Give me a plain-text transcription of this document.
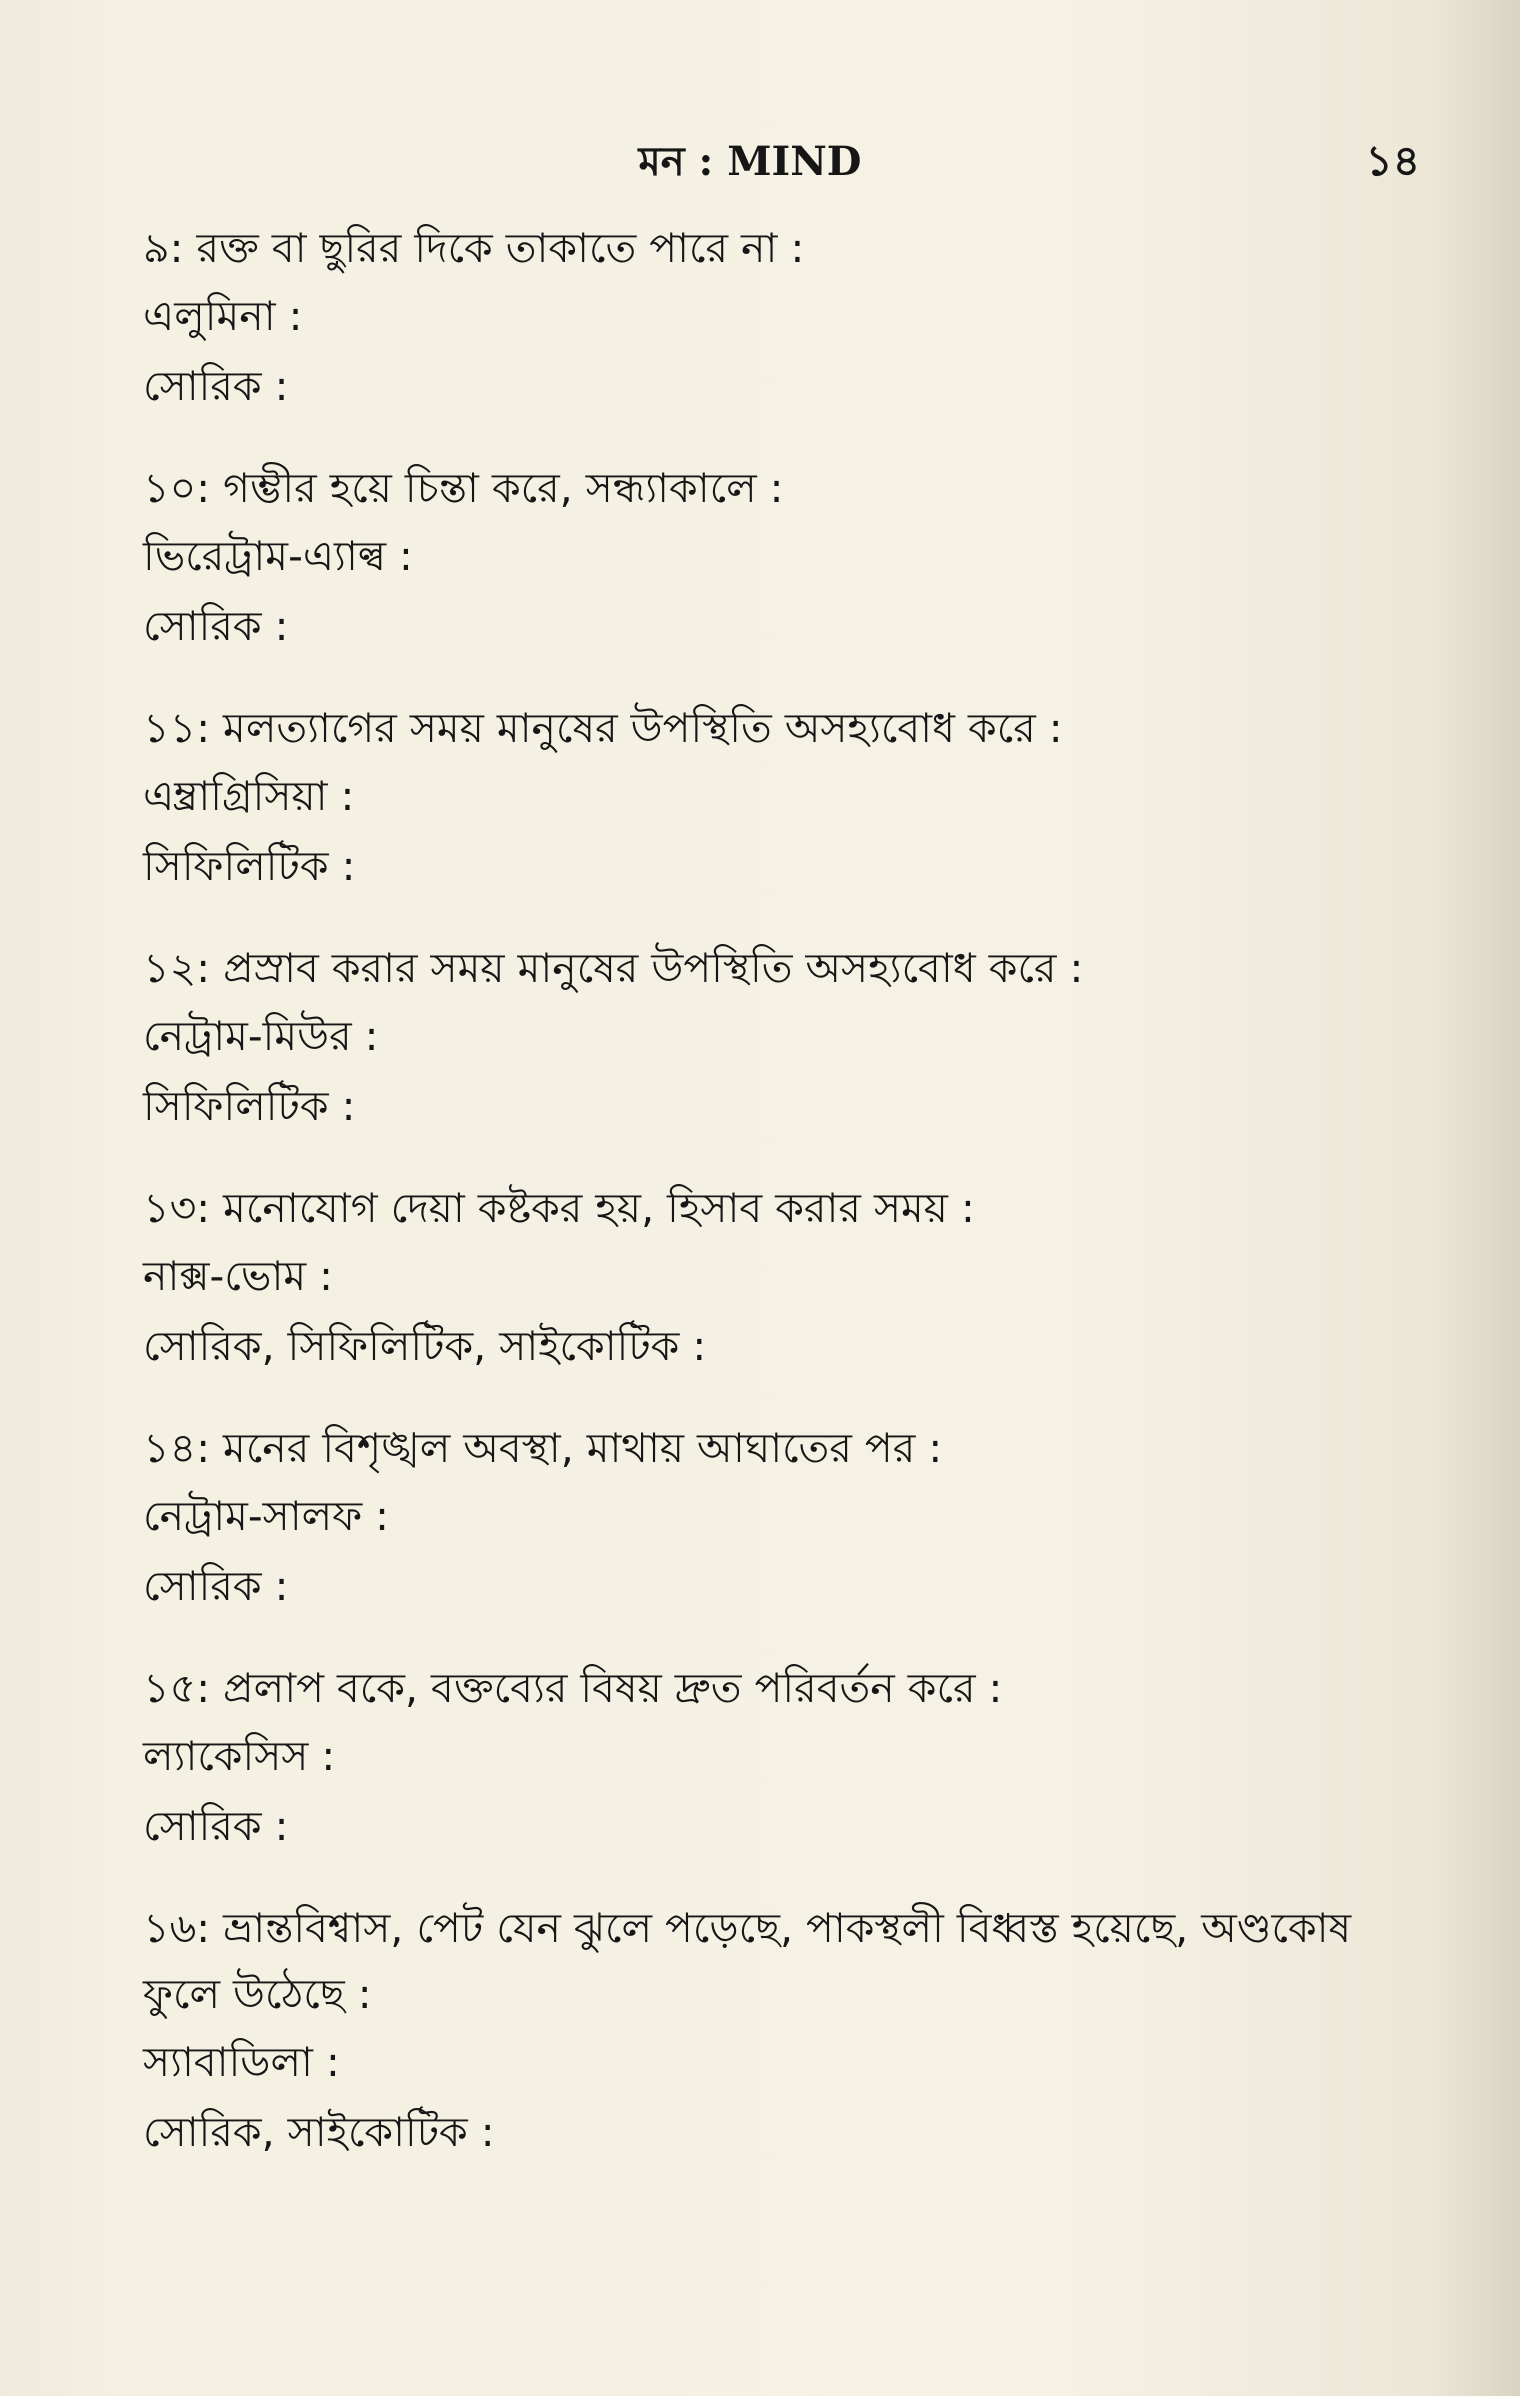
মন : MIND	১৪
৯: রক্ত বা ছুরির দিকে তাকাতে পারে না :
এলুমিনা :
সোরিক :
১০: গম্ভীর হয়ে চিন্তা করে, সন্ধ্যাকালে :
ভিরেট্রাম-এ্যাল্ব :
সোরিক :
১১: মলত্যাগের সময় মানুষের উপস্থিতি অসহ্যবোধ করে :
এম্ব্রাগ্রিসিয়া :
সিফিলিটিক :
১২: প্রস্রাব করার সময় মানুষের উপস্থিতি অসহ্যবোধ করে :
নেট্রাম-মিউর :
সিফিলিটিক :
১৩: মনোযোগ দেয়া কষ্টকর হয়, হিসাব করার সময় :
নাক্স-ভোম :
সোরিক, সিফিলিটিক, সাইকোটিক :
১৪: মনের বিশৃঙ্খল অবস্থা, মাথায় আঘাতের পর :
নেট্রাম-সালফ :
সোরিক :
১৫: প্রলাপ বকে, বক্তব্যের বিষয় দ্রুত পরিবর্তন করে :
ল্যাকেসিস :
সোরিক :
১৬: ভ্রান্তবিশ্বাস, পেট যেন ঝুলে পড়েছে, পাকস্থলী বিধ্বস্ত হয়েছে, অণ্ডকোষ ফুলে উঠেছে :
স্যাবাডিলা :
সোরিক, সাইকোটিক :
